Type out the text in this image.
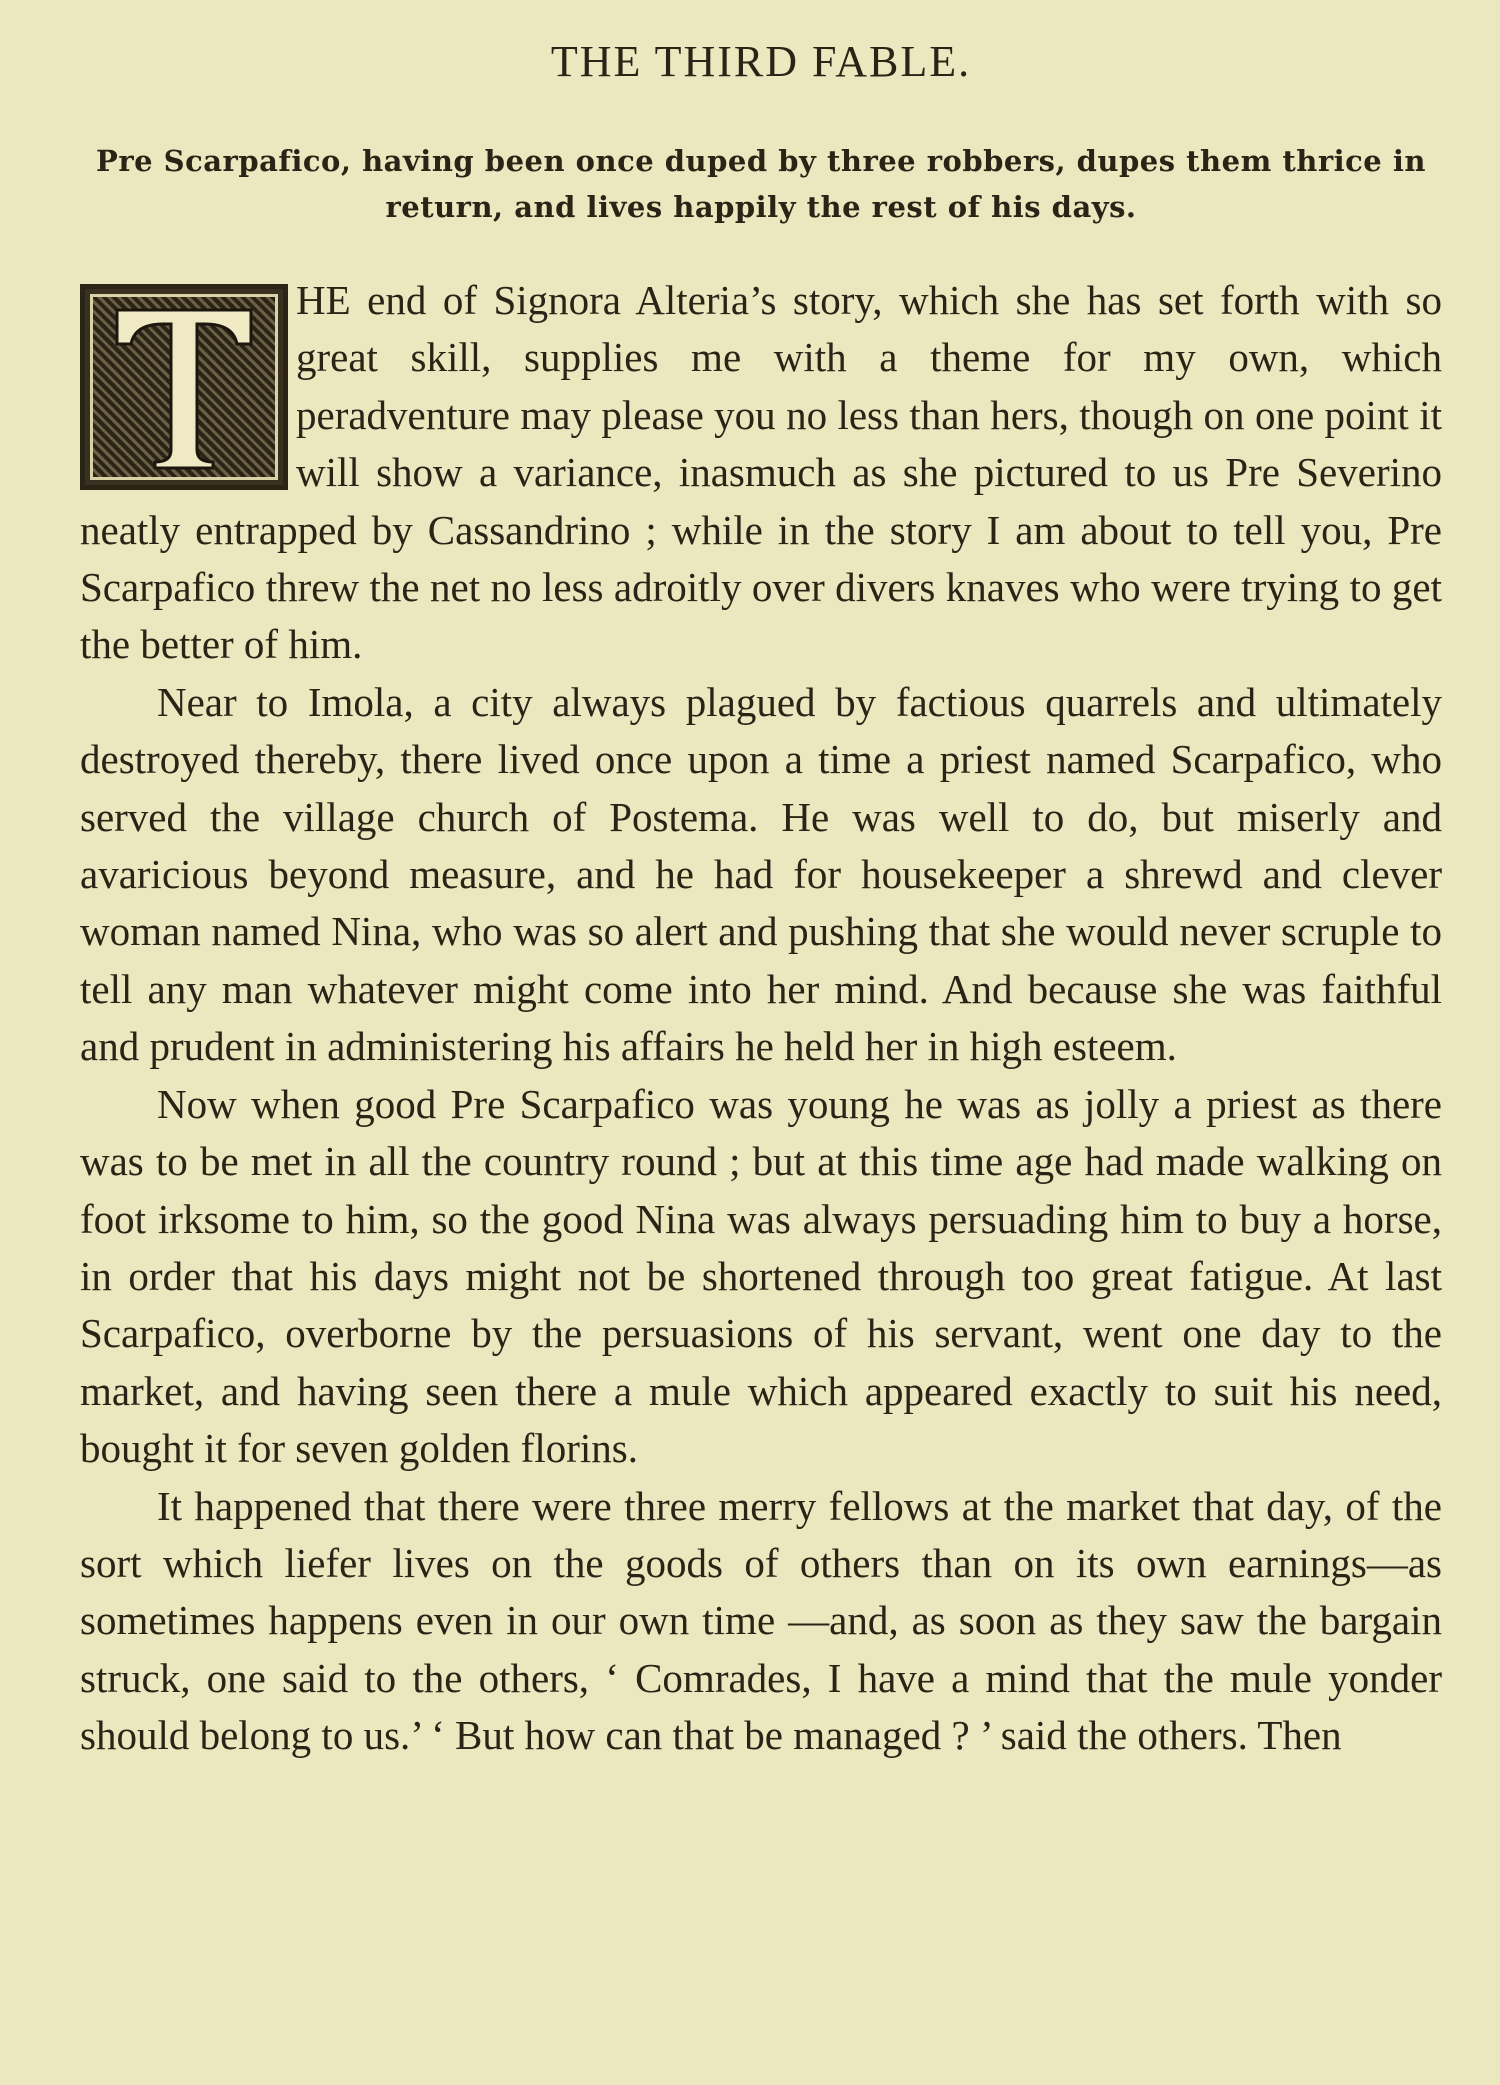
THE THIRD FABLE.

Pre Scarpafico, having been once duped by three robbers, dupes them thrice in return, and lives happily the rest of his days.

HE end of Signora Alteria’s story, which she has set forth with so great skill, supplies me with a theme for my own, which peradventure may please you no less than hers, though on one point it will show a variance, inasmuch as she pictured to us Pre Severino neatly entrapped by Cassandrino ; while in the story I am about to tell you, Pre Scarpafico threw the net no less adroitly over divers knaves who were trying to get the better of him.

Near to Imola, a city always plagued by factious quarrels and ultimately destroyed thereby, there lived once upon a time a priest named Scarpafico, who served the village church of Postema. He was well to do, but miserly and avaricious beyond measure, and he had for housekeeper a shrewd and clever woman named Nina, who was so alert and pushing that she would never scruple to tell any man whatever might come into her mind. And because she was faithful and prudent in administering his affairs he held her in high esteem.

Now when good Pre Scarpafico was young he was as jolly a priest as there was to be met in all the country round ; but at this time age had made walking on foot irksome to him, so the good Nina was always persuading him to buy a horse, in order that his days might not be shortened through too great fatigue. At last Scarpafico, overborne by the persuasions of his servant, went one day to the market, and having seen there a mule which appeared exactly to suit his need, bought it for seven golden florins.

It happened that there were three merry fellows at the market that day, of the sort which liefer lives on the goods of others than on its own earnings—as sometimes happens even in our own time —and, as soon as they saw the bargain struck, one said to the others, ‘ Comrades, I have a mind that the mule yonder should belong to us.’ ‘ But how can that be managed ? ’ said the others. Then
